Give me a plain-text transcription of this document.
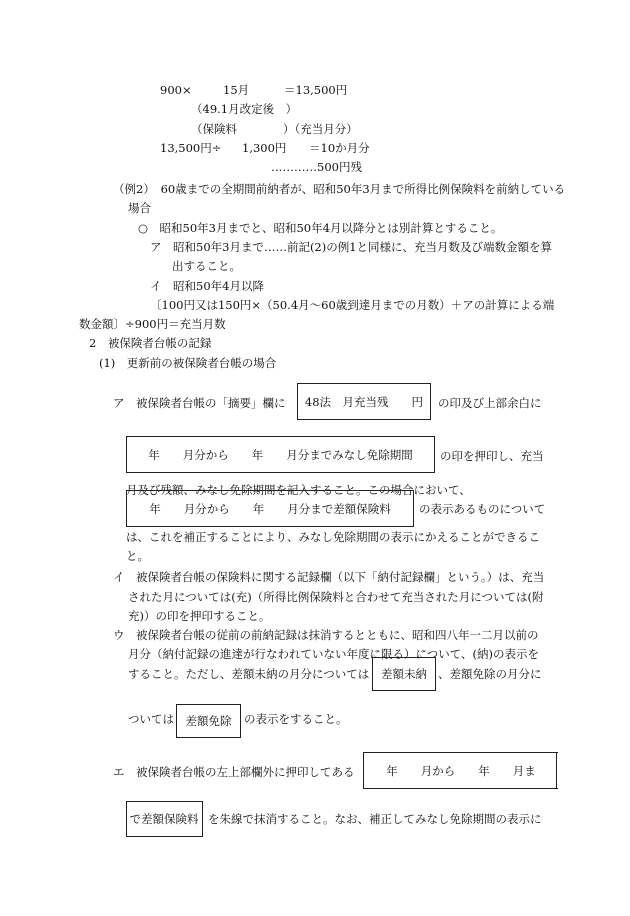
900×	15月	＝13,500円
（49.1月改定後　）
（保険料	）（充当月分）
13,500円÷ 1,300円 ＝10か月分
…………500円残
（例2）　60歳までの全期間前納者が、昭和50年3月まで所得比例保険料を前納している
場合
○　昭和50年3月までと、昭和50年4月以降分とは別計算とすること。
ア　昭和50年3月まで……前記(2)の例1と同様に、充当月数及び端数金額を算
出すること。
イ　昭和50年4月以降
〔100円又は150円×（50.4月～60歳到達月までの月数）＋アの計算による端
数金額〕÷900円＝充当月数
2　被保険者台帳の記録
(1)　更新前の被保険者台帳の場合
ア　被保険者台帳の「摘要」欄に 48法　月充当残　　円 の印及び上部余白に
年　　月分から　　年　　月分までみなし免除期間 の印を押印し、充当
月及び残額、みなし免除期間を記入すること。この場合において、
年　　月分から　　年　　月分まで差額保険料 の表示あるものについて
は、これを補正することにより、みなし免除期間の表示にかえることができるこ
と。
イ　被保険者台帳の保険料に関する記録欄（以下「納付記録欄」という。）は、充当
された月については(充)（所得比例保険料と合わせて充当された月については(附
充)）の印を押印すること。
ウ　被保険者台帳の従前の前納記録は抹消するとともに、昭和四八年一二月以前の
月分（納付記録の進達が行なわれていない年度に限る）について、(納)の表示を
すること。ただし、差額未納の月分については 差額未納 、差額免除の月分に
ついては 差額免除 の表示をすること。
エ　被保険者台帳の左上部欄外に押印してある	年　　月から　　年　　月ま
で差額保険料 を朱線で抹消すること。なお、補正してみなし免除期間の表示に
